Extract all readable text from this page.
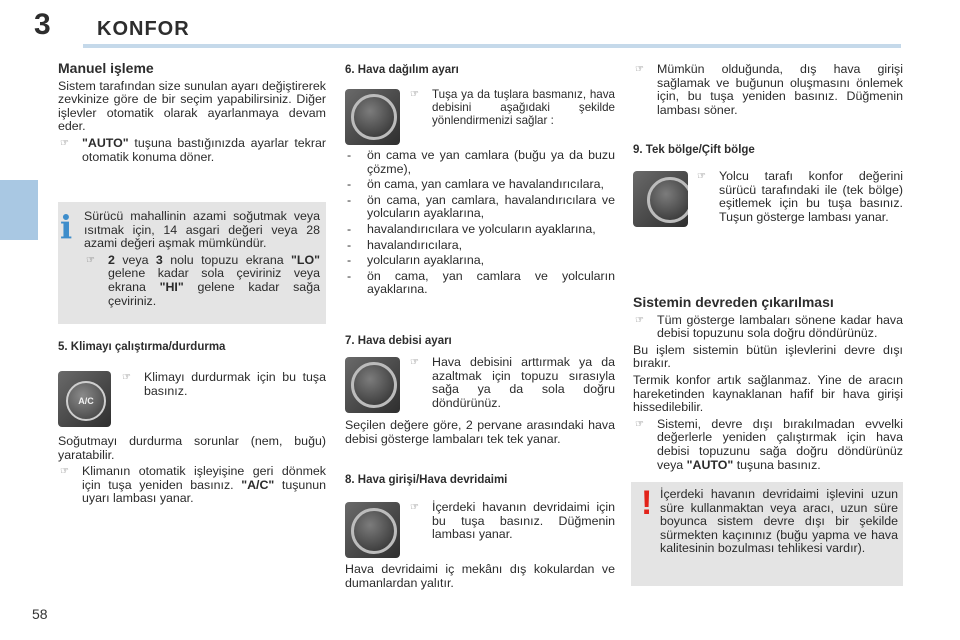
3 KONFOR
58
Manuel işleme

Sistem tarafından size sunulan ayarı değiştirerek zevkinize göre de bir seçim yapabilirsiniz. Diğer işlevler otomatik olarak ayarlanmaya devam eder.

☞ "AUTO" tuşuna bastığınızda ayarlar tekrar otomatik konuma döner.
i Sürücü mahallinin azami soğutmak veya ısıtmak için, 14 asgari değeri veya 28 azami değeri aşmak mümkündür.

☞ 2 veya 3 nolu topuzu ekrana "LO" gelene kadar sola çeviriniz veya ekrana "HI" gelene kadar sağa çeviriniz.
5. Klimayı çalıştırma/durdurma
A/C
☞ Klimayı durdurmak için bu tuşa basınız.

Soğutmayı durdurma sorunlar (nem, buğu) yaratabilir.

☞ Klimanın otomatik işleyişine geri dönmek için tuşa yeniden basınız. "A/C" tuşunun uyarı lambası yanar.
6. Hava dağılım ayarı
☞ Tuşa ya da tuşlara basmanız, hava debisini aşağıdaki şekilde yönlendirmenizi sağlar :
- ön cama ve yan camlara (buğu ya da buzu çözme),
- ön cama, yan camlara ve havalandırıcılara,
- ön cama, yan camlara, havalandırıcılara ve yolcuların ayaklarına,
- havalandırıcılara ve yolcuların ayaklarına,
- havalandırıcılara,
- yolcuların ayaklarına,
- ön cama, yan camlara ve yolcuların ayaklarına.
7. Hava debisi ayarı
☞ Hava debisini arttırmak ya da azaltmak için topuzu sırasıyla sağa ya da sola doğru döndürünüz.

Seçilen değere göre, 2 pervane arasındaki hava debisi gösterge lambaları tek tek yanar.

8. Hava girişi/Hava devridaimi
☞ İçerdeki havanın devridaimi için bu tuşa basınız. Düğmenin lambası yanar.

Hava devridaimi iç mekânı dış kokulardan ve dumanlardan yalıtır.

☞ Mümkün olduğunda, dış hava girişi sağlamak ve buğunun oluşmasını önlemek için, bu tuşa yeniden basınız. Düğmenin lambası söner.
9. Tek bölge/Çift bölge
☞ Yolcu tarafı konfor değerini sürücü tarafındaki ile (tek bölge) eşitlemek için bu tuşa basınız. Tuşun gösterge lambası yanar.
Sistemin devreden çıkarılması
☞ Tüm gösterge lambaları sönene kadar hava debisi topuzunu sola doğru döndürünüz.

Bu işlem sistemin bütün işlevlerini devre dışı bırakır.

Termik konfor artık sağlanmaz. Yine de aracın hareketinden kaynaklanan hafif bir hava girişi hissedilebilir.

☞ Sistemi, devre dışı bırakılmadan evvelki değerlerle yeniden çalıştırmak için hava debisi topuzunu sağa doğru döndürünüz veya "AUTO" tuşuna basınız.
! İçerdeki havanın devridaimi işlevini uzun süre kullanmaktan veya aracı, uzun süre boyunca sistem devre dışı bir şekilde sürmekten kaçınınız (buğu yapma ve hava kalitesinin bozulması tehlikesi vardır).
